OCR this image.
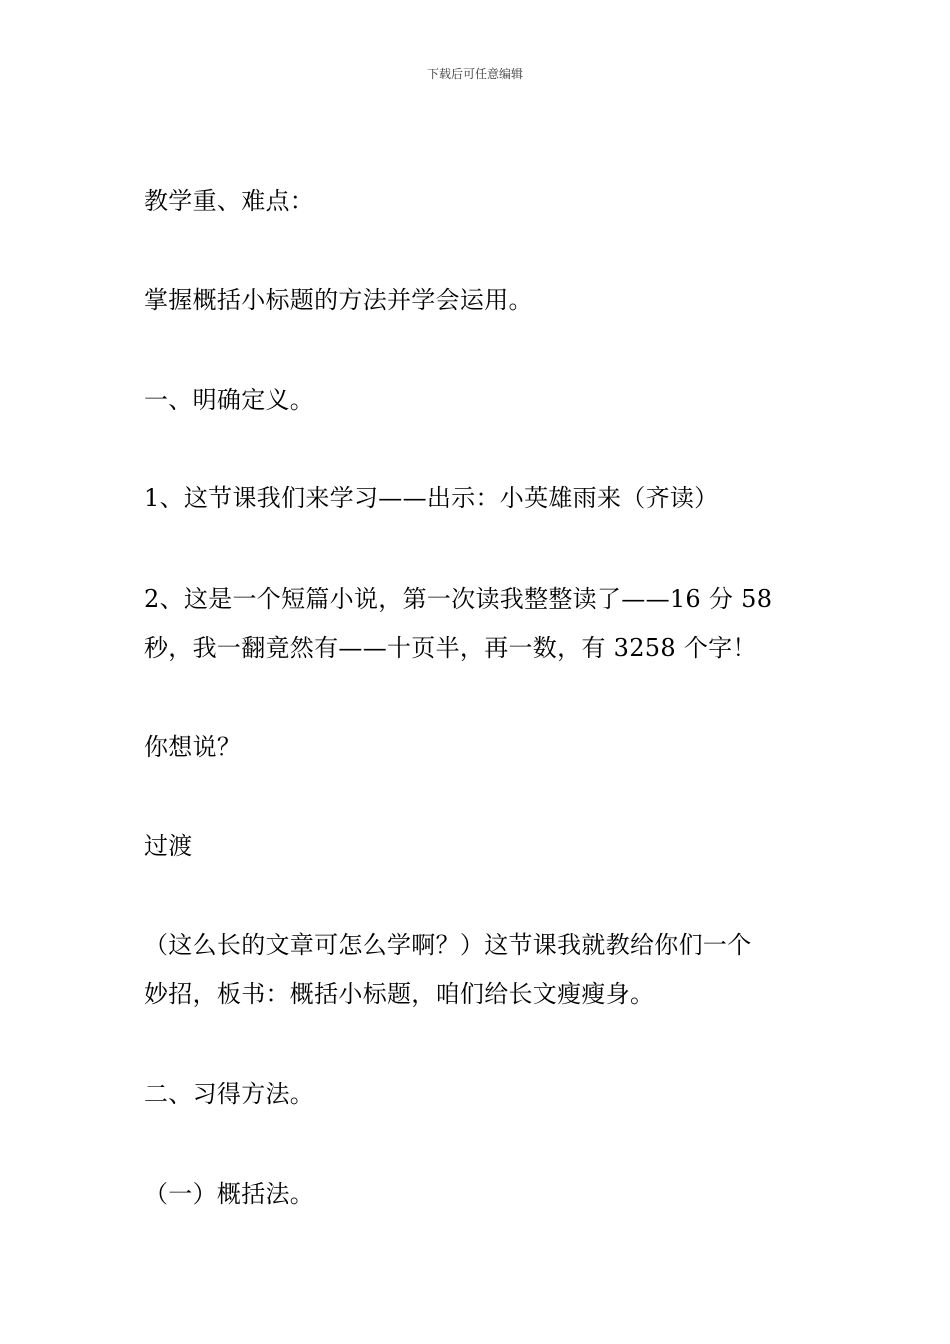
下载后可任意编辑
教学重、难点：
掌握概括小标题的方法并学会运用。
一、明确定义。
1、这节课我们来学习——出示：小英雄雨来（齐读）
2、这是一个短篇小说，第一次读我整整读了——16 分 58
秒，我一翻竟然有——十页半，再一数，有 3258 个字！
你想说？
过渡
（这么长的文章可怎么学啊？）这节课我就教给你们一个
妙招，板书：概括小标题，咱们给长文瘦瘦身。
二、习得方法。
（一）概括法。
